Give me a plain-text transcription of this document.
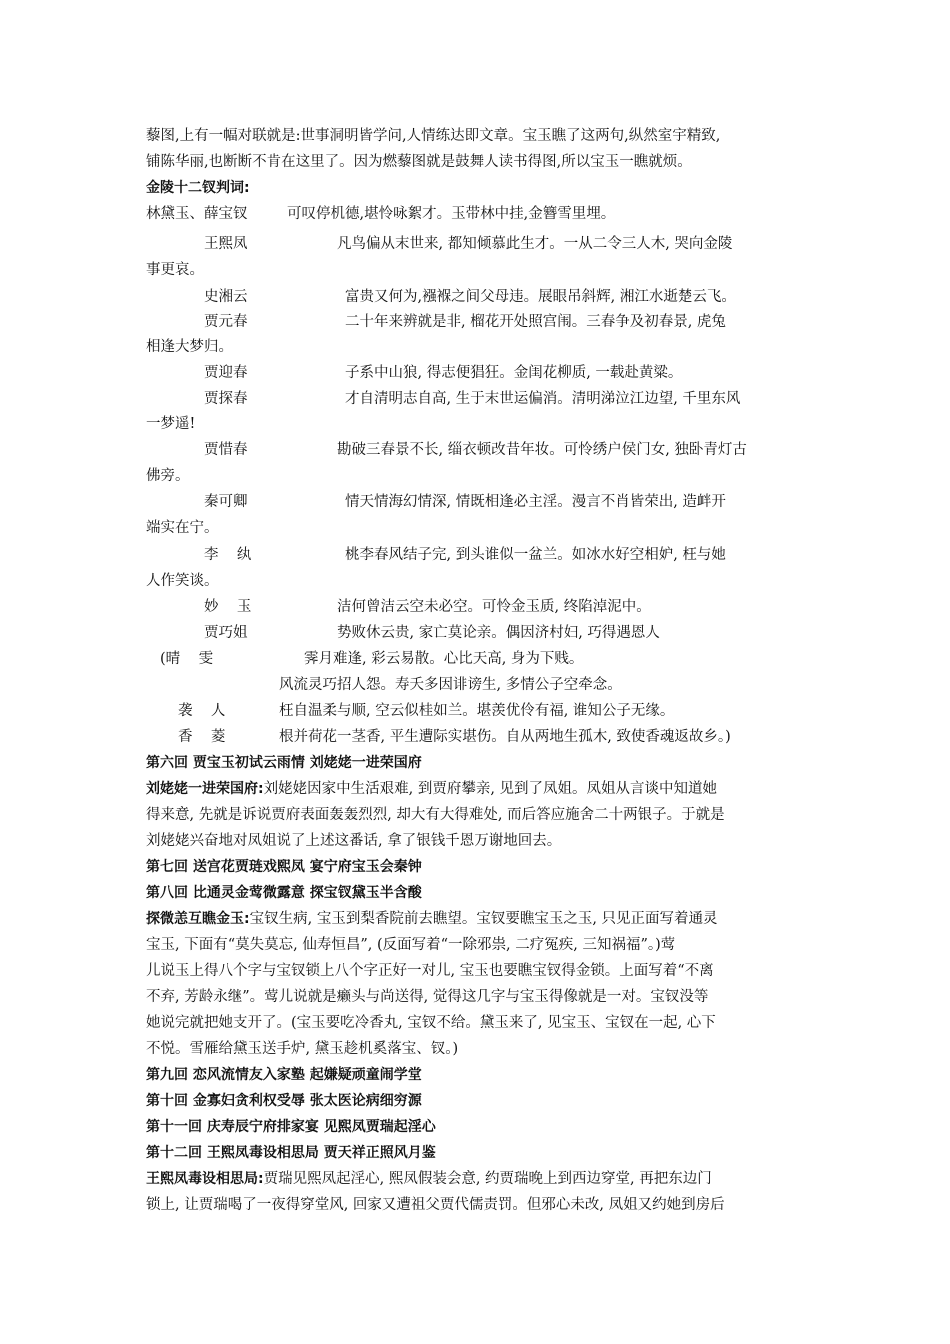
藜图,上有一幅对联就是:世事洞明皆学问,人情练达即文章。宝玉瞧了这两句,纵然室宇精致,
铺陈华丽,也断断不肯在这里了。因为燃藜图就是鼓舞人读书得图,所以宝玉一瞧就烦。
金陵十二钗判词:
林黛玉、薛宝钗	可叹停机德,堪怜咏絮才。玉带林中挂,金簪雪里埋。
王熙凤	凡鸟偏从末世来, 都知倾慕此生才。一从二令三人木, 哭向金陵
事更哀。
史湘云	富贵又何为,襁褓之间父母违。展眼吊斜辉, 湘江水逝楚云飞。
贾元春	二十年来辨就是非, 榴花开处照宫闱。三春争及初春景, 虎兔
相逢大梦归。
贾迎春	子系中山狼, 得志便猖狂。金闺花柳质, 一载赴黄粱。
贾探春	才自清明志自高, 生于末世运偏消。清明涕泣江边望, 千里东风
一梦遥!
贾惜春	勘破三春景不长, 缁衣顿改昔年妆。可怜绣户侯门女, 独卧青灯古
佛旁。
秦可卿	情天情海幻情深, 情既相逢必主淫。漫言不肖皆荣出, 造衅开
端实在宁。
李    纨	桃李春风结子完, 到头谁似一盆兰。如冰水好空相妒, 枉与她
人作笑谈。
妙    玉	洁何曾洁云空未必空。可怜金玉质, 终陷淖泥中。
贾巧姐	势败休云贵, 家亡莫论亲。偶因济村妇, 巧得遇恩人
(晴    雯	霁月难逢, 彩云易散。心比天高, 身为下贱。
风流灵巧招人怨。寿夭多因诽谤生, 多情公子空牵念。
袭    人	枉自温柔与顺, 空云似桂如兰。堪羡优伶有福, 谁知公子无缘。
香    菱	根并荷花一茎香, 平生遭际实堪伤。自从两地生孤木, 致使香魂返故乡。)
第六回 贾宝玉初试云雨情 刘姥姥一进荣国府
刘姥姥一进荣国府:刘姥姥因家中生活艰难, 到贾府攀亲, 见到了凤姐。凤姐从言谈中知道她
得来意, 先就是诉说贾府表面轰轰烈烈, 却大有大得难处, 而后答应施舍二十两银子。于就是
刘姥姥兴奋地对凤姐说了上述这番话, 拿了银钱千恩万谢地回去。
第七回 送宫花贾琏戏熙凤 宴宁府宝玉会秦钟
第八回 比通灵金莺微露意 探宝钗黛玉半含酸
探微恙互瞧金玉:宝钗生病, 宝玉到梨香院前去瞧望。宝钗要瞧宝玉之玉, 只见正面写着通灵
宝玉, 下面有“莫失莫忘, 仙寿恒昌”, (反面写着“一除邪祟, 二疗冤疾, 三知祸福”。)莺
儿说玉上得八个字与宝钗锁上八个字正好一对儿, 宝玉也要瞧宝钗得金锁。上面写着“不离
不弃, 芳龄永继”。莺儿说就是癞头与尚送得, 觉得这几字与宝玉得像就是一对。宝钗没等
她说完就把她支开了。(宝玉要吃冷香丸, 宝钗不给。黛玉来了, 见宝玉、宝钗在一起, 心下
不悦。雪雁给黛玉送手炉, 黛玉趁机奚落宝、钗。)
第九回 恋风流情友入家塾 起嫌疑顽童闹学堂
第十回 金寡妇贪利权受辱 张太医论病细穷源
第十一回 庆寿辰宁府排家宴 见熙凤贾瑞起淫心
第十二回 王熙凤毒设相思局 贾天祥正照风月鉴
王熙凤毒设相思局:贾瑞见熙凤起淫心, 熙凤假装会意, 约贾瑞晚上到西边穿堂, 再把东边门
锁上, 让贾瑞喝了一夜得穿堂风, 回家又遭祖父贾代儒责罚。但邪心未改, 凤姐又约她到房后
